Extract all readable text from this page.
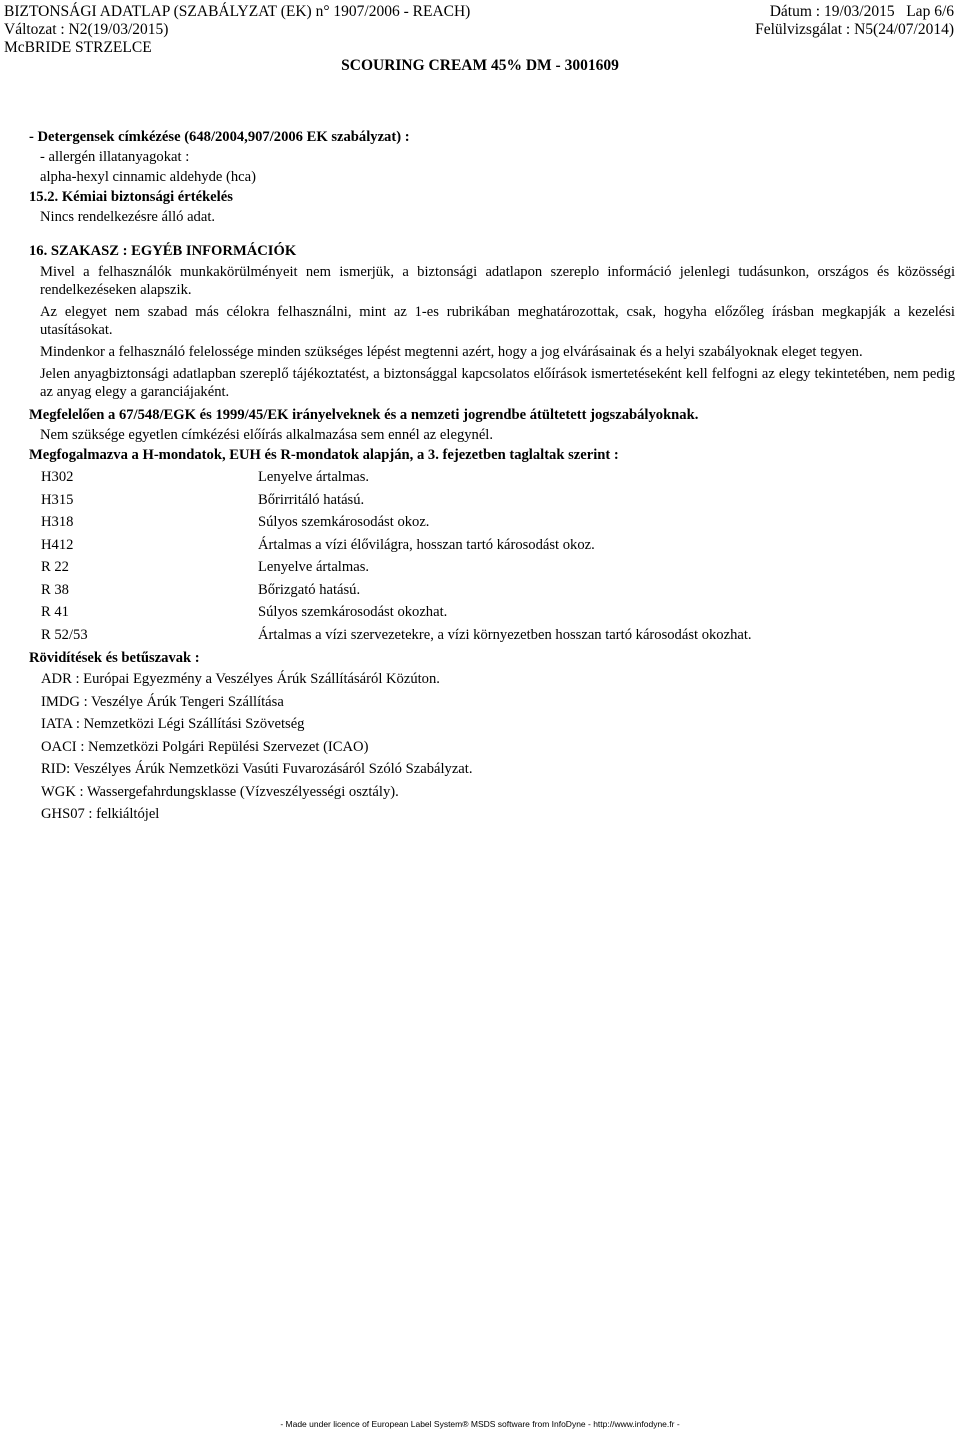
BIZTONSÁGI ADATLAP (SZABÁLYZAT (EK) n° 1907/2006 - REACH)	Dátum : 19/03/2015 Lap 6/6
Változat : N2(19/03/2015)	Felülvizsgálat : N5(24/07/2014)
McBRIDE STRZELCE
SCOURING CREAM 45% DM - 3001609
- Detergensek címkézése (648/2004,907/2006 EK szabályzat) :
- allergén illatanyagokat :
alpha-hexyl cinnamic aldehyde (hca)
15.2. Kémiai biztonsági értékelés
Nincs rendelkezésre álló adat.
16. SZAKASZ : EGYÉB INFORMÁCIÓK
Mivel a felhasználók munkakörülményeit nem ismerjük, a biztonsági adatlapon szereplo információ jelenlegi tudásunkon, országos és közösségi rendelkezéseken alapszik.
Az elegyet nem szabad más célokra felhasználni, mint az 1-es rubrikában meghatározottak, csak, hogyha előzőleg írásban megkapják a kezelési utasításokat.
Mindenkor a felhasználó felelossége minden szükséges lépést megtenni azért, hogy a jog elvárásainak és a helyi szabályoknak eleget tegyen.
Jelen anyagbiztonsági adatlapban szereplő tájékoztatést, a biztonsággal kapcsolatos előírások ismertetéseként kell felfogni az elegy tekintetében, nem pedig az anyag elegy a garanciájaként.
Megfelelően a 67/548/EGK és 1999/45/EK irányelveknek és a nemzeti jogrendbe átültetett jogszabályoknak.
Nem szüksége egyetlen címkézési előírás alkalmazása sem ennél az elegynél.
Megfogalmazva a H-mondatok, EUH és R-mondatok alapján, a 3. fejezetben taglaltak szerint :
H302	Lenyelve ártalmas.
H315	Bőrirritáló hatású.
H318	Súlyos szemkárosodást okoz.
H412	Ártalmas a vízi élővilágra, hosszan tartó károsodást okoz.
R 22	Lenyelve ártalmas.
R 38	Bőrizgató hatású.
R 41	Súlyos szemkárosodást okozhat.
R 52/53	Ártalmas a vízi szervezetekre, a vízi környezetben hosszan tartó károsodást okozhat.
Rövidítések és betűszavak :
ADR : Európai Egyezmény a Veszélyes Árúk Szállításáról Közúton.
IMDG : Veszélye Árúk Tengeri Szállítása
IATA : Nemzetközi Légi Szállítási Szövetség
OACI : Nemzetközi Polgári Repülési Szervezet (ICAO)
RID: Veszélyes Árúk Nemzetközi Vasúti Fuvarozásáról Szóló Szabályzat.
WGK : Wassergefahrdungsklasse (Vízveszélyességi osztály).
GHS07 : felkiáltójel
- Made under licence of European Label System® MSDS software from InfoDyne - http://www.infodyne.fr -
